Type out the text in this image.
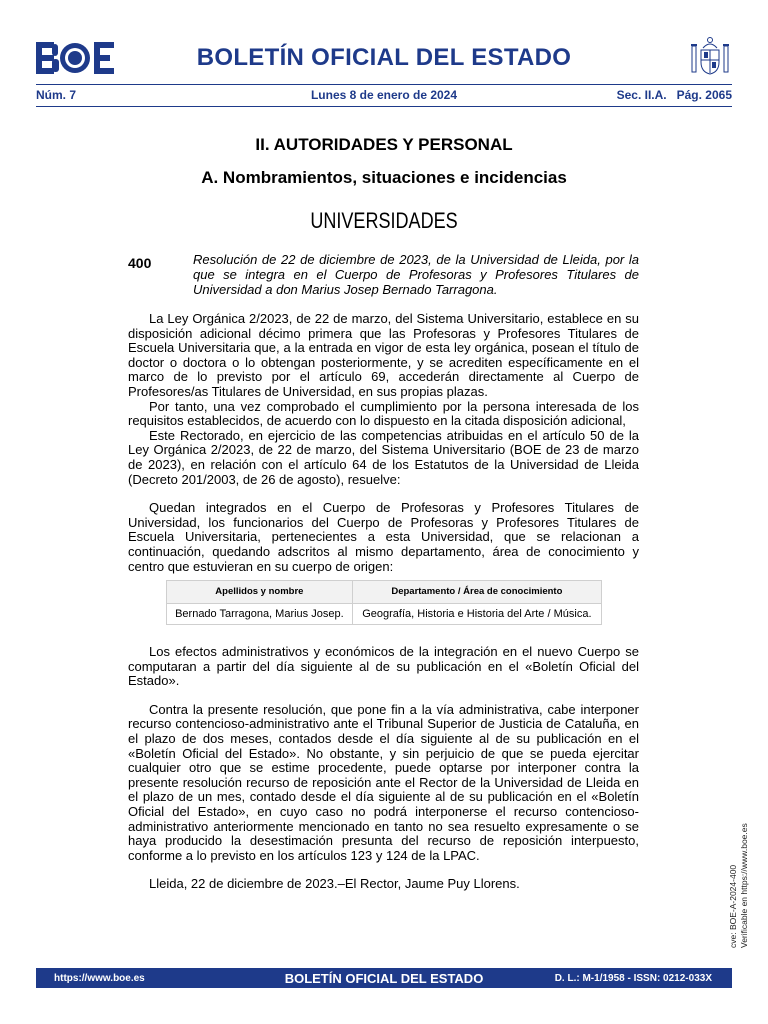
BOLETÍN OFICIAL DEL ESTADO
Lunes 8 de enero de 2024
Núm. 7	Sec. II.A.   Pág. 2065
II. AUTORIDADES Y PERSONAL
A. Nombramientos, situaciones e incidencias
UNIVERSIDADES
400	Resolución de 22 de diciembre de 2023, de la Universidad de Lleida, por la que se integra en el Cuerpo de Profesoras y Profesores Titulares de Universidad a don Marius Josep Bernado Tarragona.

La Ley Orgánica 2/2023, de 22 de marzo, del Sistema Universitario, establece en su disposición adicional décimo primera que las Profesoras y Profesores Titulares de Escuela Universitaria que, a la entrada en vigor de esta ley orgánica, posean el título de doctor o doctora o lo obtengan posteriormente, y se acrediten específicamente en el marco de lo previsto por el artículo 69, accederán directamente al Cuerpo de Profesores/as Titulares de Universidad, en sus propias plazas.

Por tanto, una vez comprobado el cumplimiento por la persona interesada de los requisitos establecidos, de acuerdo con lo dispuesto en la citada disposición adicional,

Este Rectorado, en ejercicio de las competencias atribuidas en el artículo 50 de la Ley Orgánica 2/2023, de 22 de marzo, del Sistema Universitario (BOE de 23 de marzo de 2023), en relación con el artículo 64 de los Estatutos de la Universidad de Lleida (Decreto 201/2003, de 26 de agosto), resuelve:

Quedan integrados en el Cuerpo de Profesoras y Profesores Titulares de Universidad, los funcionarios del Cuerpo de Profesoras y Profesores Titulares de Escuela Universitaria, pertenecientes a esta Universidad, que se relacionan a continuación, quedando adscritos al mismo departamento, área de conocimiento y centro que estuvieran en su cuerpo de origen:

Apellidos y nombre	Departamento / Área de conocimiento
Bernado Tarragona, Marius Josep.	Geografía, Historia e Historia del Arte / Música.

Los efectos administrativos y económicos de la integración en el nuevo Cuerpo se computaran a partir del día siguiente al de su publicación en el «Boletín Oficial del Estado».

Contra la presente resolución, que pone fin a la vía administrativa, cabe interponer recurso contencioso-administrativo ante el Tribunal Superior de Justicia de Cataluña, en el plazo de dos meses, contados desde el día siguiente al de su publicación en el «Boletín Oficial del Estado». No obstante, y sin perjuicio de que se pueda ejercitar cualquier otro que se estime procedente, puede optarse por interponer contra la presente resolución recurso de reposición ante el Rector de la Universidad de Lleida en el plazo de un mes, contado desde el día siguiente al de su publicación en el «Boletín Oficial del Estado», en cuyo caso no podrá interponerse el recurso contencioso-administrativo anteriormente mencionado en tanto no sea resuelto expresamente o se haya producido la desestimación presunta del recurso de reposición interpuesto, conforme a lo previsto en los artículos 123 y 124 de la LPAC.

Lleida, 22 de diciembre de 2023.–El Rector, Jaume Puy Llorens.	cve: BOE-A-2024-400 Verificable en https://www.boe.es
BOLETÍN OFICIAL DEL ESTADO
https://www.boe.es	D. L.: M-1/1958 - ISSN: 0212-033X
